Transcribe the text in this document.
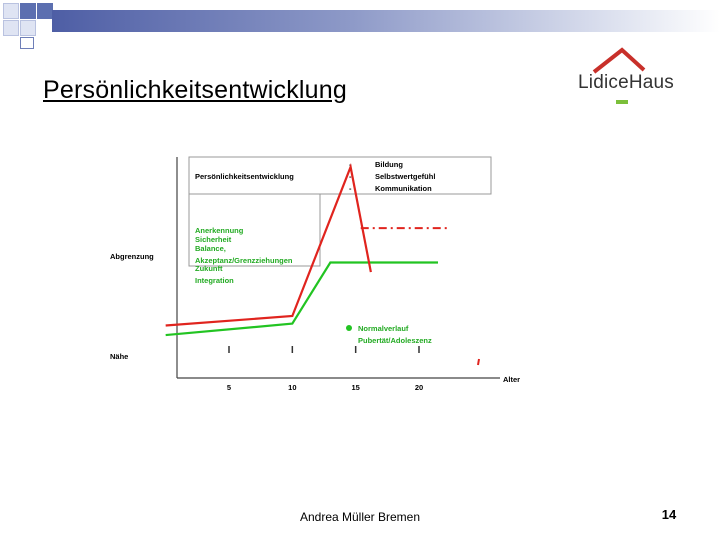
Persönlichkeitsentwicklung	LidiceHaus
Persönlichkeitsentwicklung
-
-
-
Bildung
Selbstwertgefühl
Kommunikation
Anerkennung
Sicherheit
Balance,
Akzeptanz/Grenzziehungen
Zukunft
Integration
Abgrenzung
Nähe
Alter
5	10	15	20
Normalverlauf
Pubertät/Adoleszenz
Andrea Müller Bremen	14
